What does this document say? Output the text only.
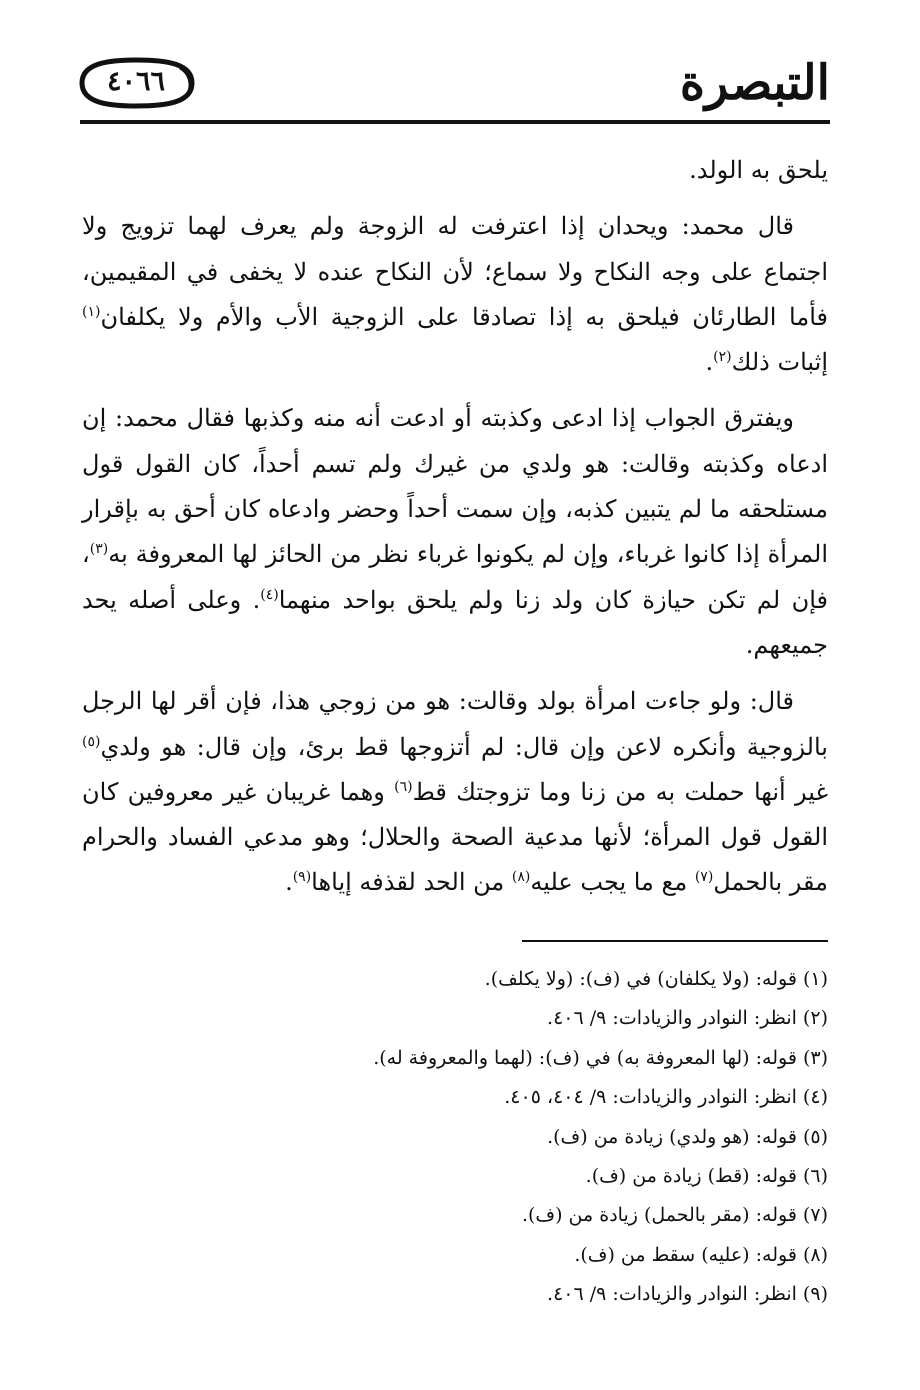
التبصرة
٤٠٦٦

يلحق به الولد.

قال محمد: ويحدان إذا اعترفت له الزوجة ولم يعرف لهما تزويج ولا اجتماع على وجه النكاح ولا سماع؛ لأن النكاح عنده لا يخفى في المقيمين، فأما الطارئان فيلحق به إذا تصادقا على الزوجية الأب والأم ولا يكلفان$^{(١)}$ إثبات ذلك$^{(٢)}$.

ويفترق الجواب إذا ادعى وكذبته أو ادعت أنه منه وكذبها فقال محمد: إن ادعاه وكذبته وقالت: هو ولدي من غيرك ولم تسم أحداً، كان القول قول مستلحقه ما لم يتبين كذبه، وإن سمت أحداً وحضر وادعاه كان أحق به بإقرار المرأة إذا كانوا غرباء، وإن لم يكونوا غرباء نظر من الحائز لها المعروفة به$^{(٣)}$، فإن لم تكن حيازة كان ولد زنا ولم يلحق بواحد منهما$^{(٤)}$. وعلى أصله يحد جميعهم.

قال: ولو جاءت امرأة بولد وقالت: هو من زوجي هذا، فإن أقر لها الرجل بالزوجية وأنكره لاعن وإن قال: لم أتزوجها قط برئ، وإن قال: هو ولدي$^{(٥)}$ غير أنها حملت به من زنا وما تزوجتك قط$^{(٦)}$ وهما غريبان غير معروفين كان القول قول المرأة؛ لأنها مدعية الصحة والحلال؛ وهو مدعي الفساد والحرام مقر بالحمل$^{(٧)}$ مع ما يجب عليه$^{(٨)}$ من الحد لقذفه إياها$^{(٩)}$.

(١) قوله: (ولا يكلفان) في (ف): (ولا يكلف).

(٢) انظر: النوادر والزيادات: ٩/ ٤٠٦.

(٣) قوله: (لها المعروفة به) في (ف): (لهما والمعروفة له).

(٤) انظر: النوادر والزيادات: ٩/ ٤٠٤، ٤٠٥.

(٥) قوله: (هو ولدي) زيادة من (ف).

(٦) قوله: (قط) زيادة من (ف).

(٧) قوله: (مقر بالحمل) زيادة من (ف).

(٨) قوله: (عليه) سقط من (ف).

(٩) انظر: النوادر والزيادات: ٩/ ٤٠٦.
